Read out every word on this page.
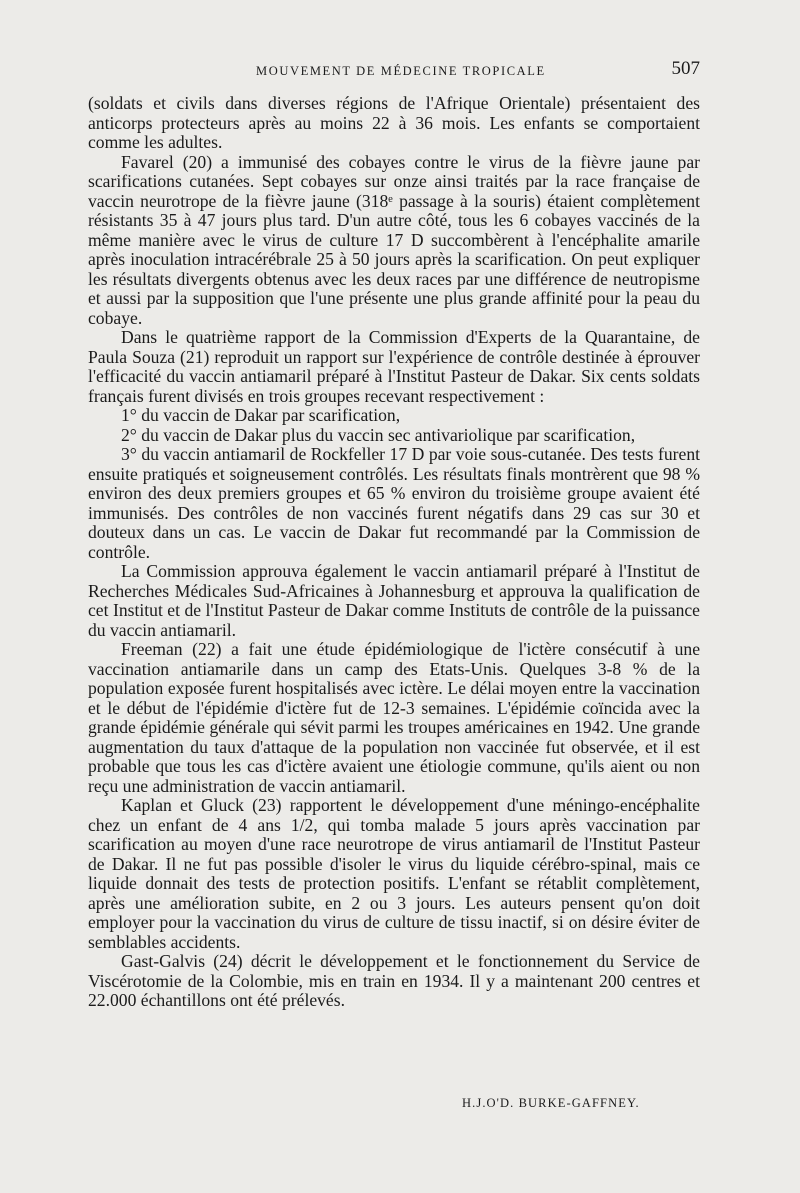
MOUVEMENT DE MÉDECINE TROPICALE	507

(soldats et civils dans diverses régions de l'Afrique Orientale) présentaient des anticorps protecteurs après au moins 22 à 36 mois. Les enfants se comportaient comme les adultes.

Favarel (20) a immunisé des cobayes contre le virus de la fièvre jaune par scarifications cutanées. Sept cobayes sur onze ainsi traités par la race française de vaccin neurotrope de la fièvre jaune (318ᵉ passage à la souris) étaient complètement résistants 35 à 47 jours plus tard. D'un autre côté, tous les 6 cobayes vaccinés de la même manière avec le virus de culture 17 D succombèrent à l'encéphalite amarile après inoculation intracérébrale 25 à 50 jours après la scarification. On peut expliquer les résultats divergents obtenus avec les deux races par une différence de neutropisme et aussi par la supposition que l'une présente une plus grande affinité pour la peau du cobaye.

Dans le quatrième rapport de la Commission d'Experts de la Quarantaine, de Paula Souza (21) reproduit un rapport sur l'expérience de contrôle destinée à éprouver l'efficacité du vaccin antiamaril préparé à l'Institut Pasteur de Dakar. Six cents soldats français furent divisés en trois groupes recevant respectivement :

1° du vaccin de Dakar par scarification,

2° du vaccin de Dakar plus du vaccin sec antivariolique par scarification,

3° du vaccin antiamaril de Rockfeller 17 D par voie sous-cutanée. Des tests furent ensuite pratiqués et soigneusement contrôlés. Les résultats finals montrèrent que 98 % environ des deux premiers groupes et 65 % environ du troisième groupe avaient été immunisés. Des contrôles de non vaccinés furent négatifs dans 29 cas sur 30 et douteux dans un cas. Le vaccin de Dakar fut recommandé par la Commission de contrôle.

La Commission approuva également le vaccin antiamaril préparé à l'Institut de Recherches Médicales Sud-Africaines à Johannesburg et approuva la qualification de cet Institut et de l'Institut Pasteur de Dakar comme Instituts de contrôle de la puissance du vaccin antiamaril.

Freeman (22) a fait une étude épidémiologique de l'ictère consécutif à une vaccination antiamarile dans un camp des Etats-Unis. Quelques 3-8 % de la population exposée furent hospitalisés avec ictère. Le délai moyen entre la vaccination et le début de l'épidémie d'ictère fut de 12-3 semaines. L'épidémie coïncida avec la grande épidémie générale qui sévit parmi les troupes américaines en 1942. Une grande augmentation du taux d'attaque de la population non vaccinée fut observée, et il est probable que tous les cas d'ictère avaient une étiologie commune, qu'ils aient ou non reçu une administration de vaccin antiamaril.

Kaplan et Gluck (23) rapportent le développement d'une méningo-encéphalite chez un enfant de 4 ans 1/2, qui tomba malade 5 jours après vaccination par scarification au moyen d'une race neurotrope de virus antiamaril de l'Institut Pasteur de Dakar. Il ne fut pas possible d'isoler le virus du liquide cérébro-spinal, mais ce liquide donnait des tests de protection positifs. L'enfant se rétablit complètement, après une amélioration subite, en 2 ou 3 jours. Les auteurs pensent qu'on doit employer pour la vaccination du virus de culture de tissu inactif, si on désire éviter de semblables accidents.

Gast-Galvis (24) décrit le développement et le fonctionnement du Service de Viscérotomie de la Colombie, mis en train en 1934. Il y a maintenant 200 centres et 22.000 échantillons ont été prélevés.

H.J.O'D. BURKE-GAFFNEY.
